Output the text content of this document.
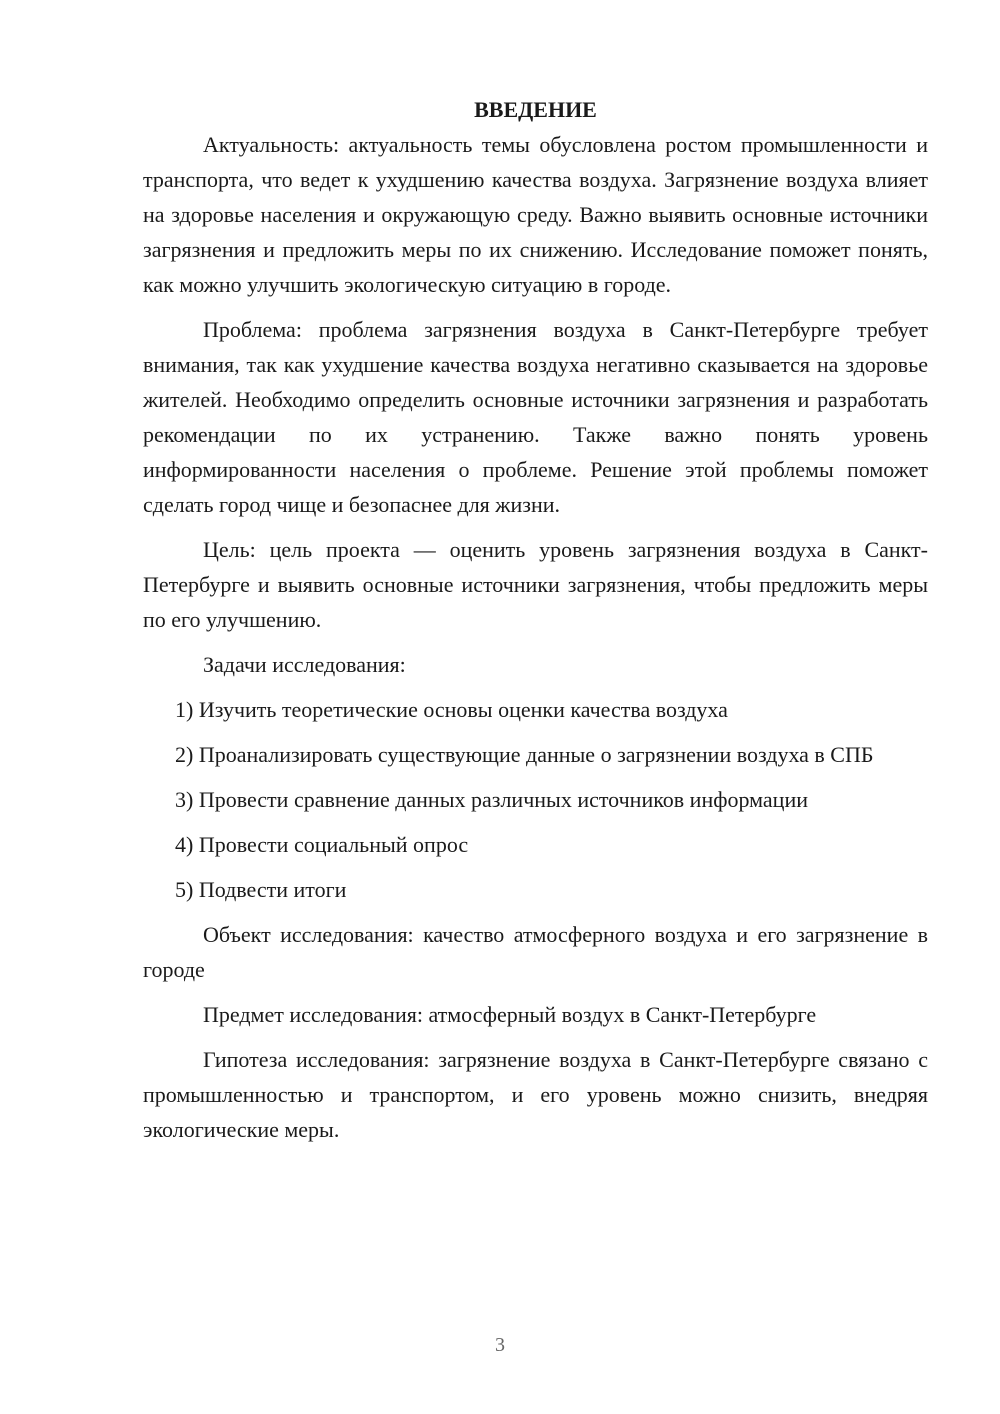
ВВЕДЕНИЕ

Актуальность: актуальность темы обусловлена ростом промышленности и транспорта, что ведет к ухудшению качества воздуха. Загрязнение воздуха влияет на здоровье населения и окружающую среду. Важно выявить основные источники загрязнения и предложить меры по их снижению. Исследование поможет понять, как можно улучшить экологическую ситуацию в городе.

Проблема: проблема загрязнения воздуха в Санкт-Петербурге требует внимания, так как ухудшение качества воздуха негативно сказывается на здоровье жителей. Необходимо определить основные источники загрязнения и разработать рекомендации по их устранению. Также важно понять уровень информированности населения о проблеме. Решение этой проблемы поможет сделать город чище и безопаснее для жизни.

Цель: цель проекта — оценить уровень загрязнения воздуха в Санкт-Петербурге и выявить основные источники загрязнения, чтобы предложить меры по его улучшению.

Задачи исследования:

1) Изучить теоретические основы оценки качества воздуха

2) Проанализировать существующие данные о загрязнении воздуха в СПБ

3) Провести сравнение данных различных источников информации

4) Провести социальный опрос

5) Подвести итоги

Объект исследования: качество атмосферного воздуха и его загрязнение в городе

Предмет исследования: атмосферный воздух в Санкт-Петербурге

Гипотеза исследования: загрязнение воздуха в Санкт-Петербурге связано с промышленностью и транспортом, и его уровень можно снизить, внедряя экологические меры.

3
